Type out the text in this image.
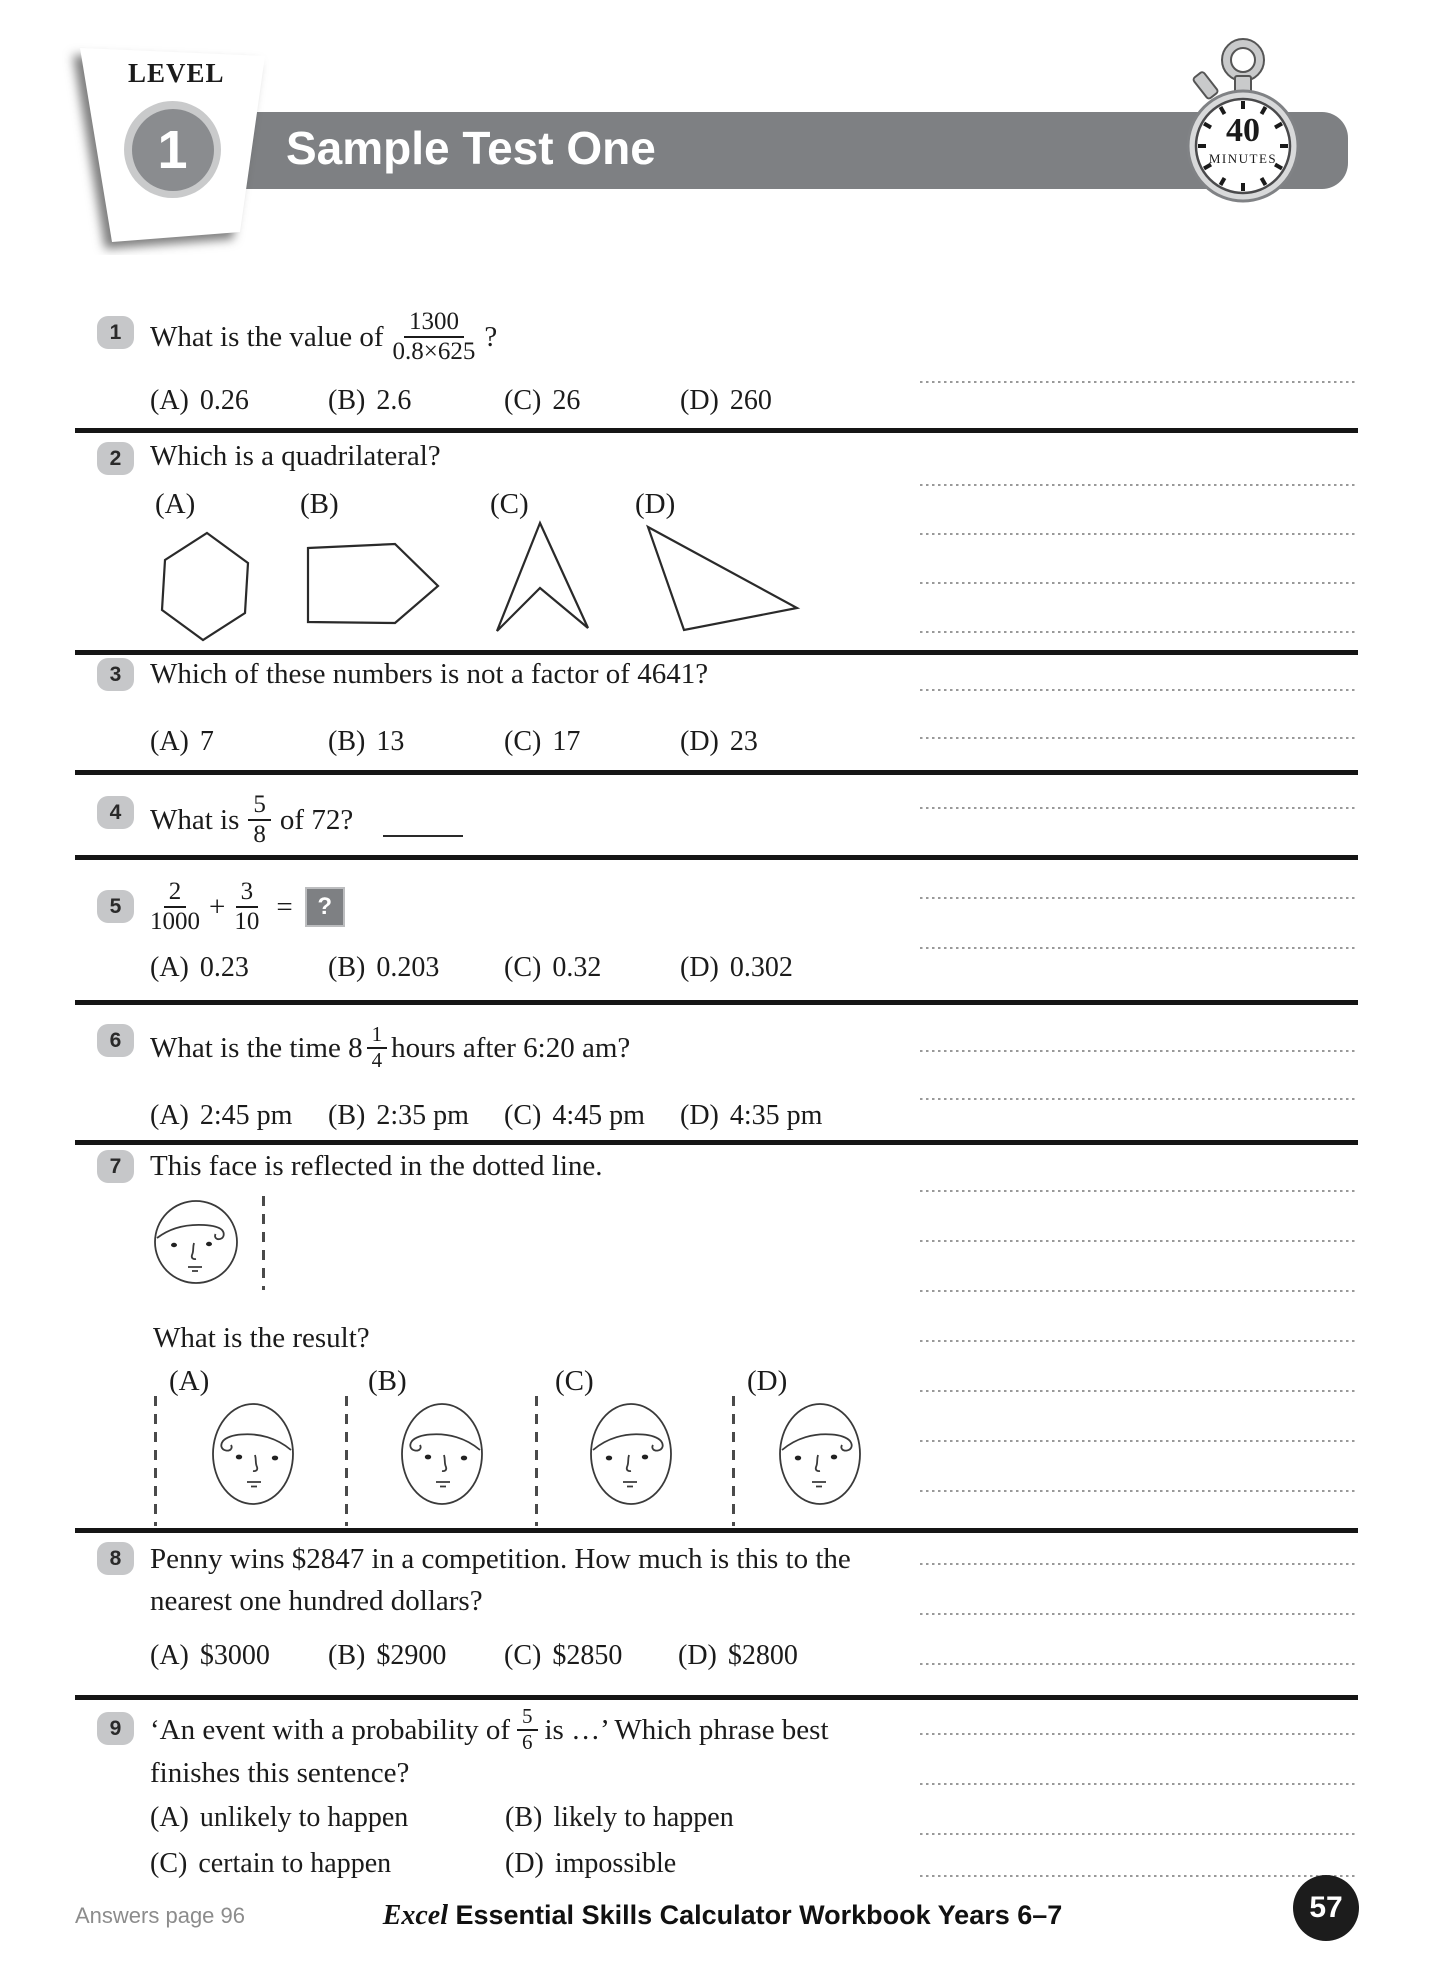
LEVEL
1 Sample Test One	40
MINUTES
1 What is the value of $\frac{1300}{0.8\times 625}$ ?
(A) 0.26	(B) 2.6	(C) 26	(D) 260
2 Which is a quadrilateral?
(A)	(B)	(C)	(D)
3 Which of these numbers is not a factor of 4641?
(A) 7	(B) 13	(C) 17	(D) 23
4 What is $\frac{5}{8}$ of 72?
5	$\frac{2}{1000} + \frac{3}{10}$ =	?
(A) 0.23	(B) 0.203 (C) 0.32	(D) 0.302
6 What is the time $8 \frac{1}{4}$ hours after 6:20 am?
(A) 2:45 pm (B) 2:35 pm (C) 4:45 pm (D) 4:35 pm
7 This face is reflected in the dotted line.
What is the result?
(A)	(B)	(C)	(D)
8 Penny wins $2847 in a competition. How much is this to the
nearest one hundred dollars?
(A) $3000 (B) $2900 (C) $2850 (D) $2800
9 ‘An event with a probability of $\frac{5}{6}$ is …’ Which phrase best
finishes this sentence?
(A) unlikely to happen	(B) likely to happen
(C) certain to happen	(D) impossible
Answers page 96	Excel Essential Skills Calculator Workbook Years 6–7	57
